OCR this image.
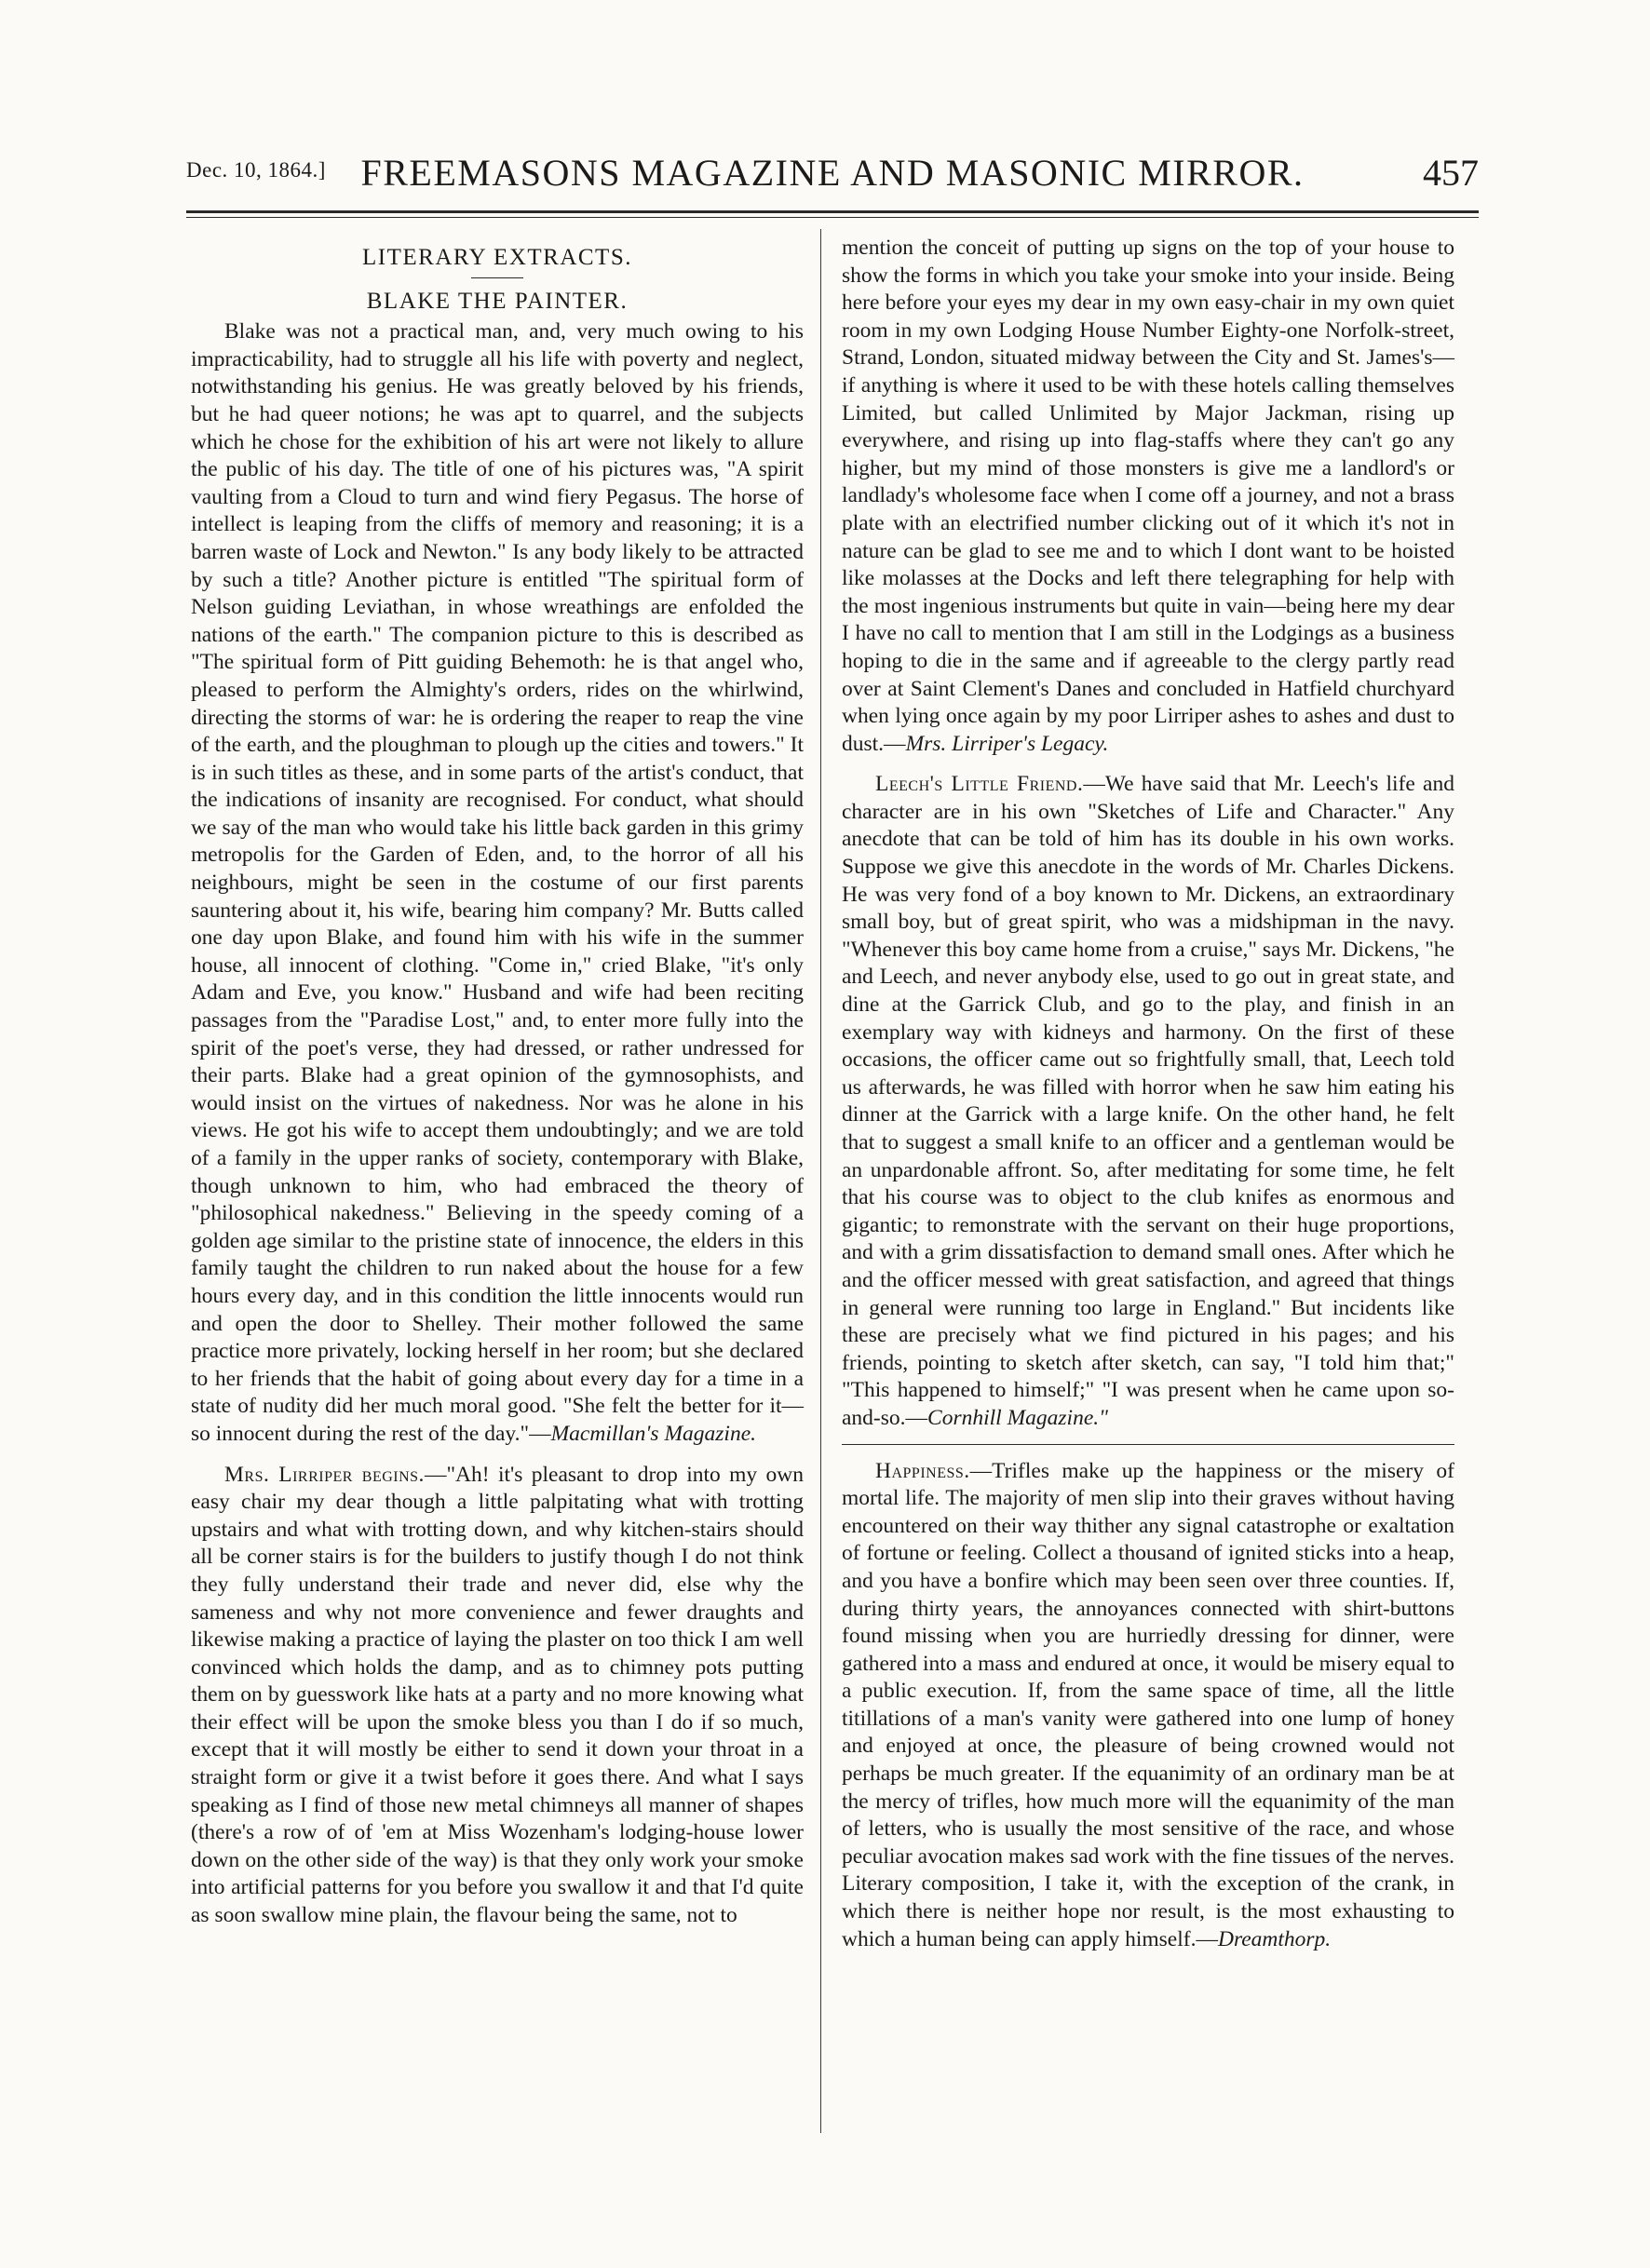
Dec. 10, 1864.] FREEMASONS MAGAZINE AND MASONIC MIRROR.	457
LITERARY EXTRACTS.
BLAKE THE PAINTER.

Blake was not a practical man, and, very much owing to his impracticability, had to struggle all his life with poverty and neglect, notwithstanding his genius. He was greatly beloved by his friends, but he had queer notions; he was apt to quarrel, and the subjects which he chose for the exhibition of his art were not likely to allure the public of his day. The title of one of his pictures was, "A spirit vaulting from a Cloud to turn and wind fiery Pegasus. The horse of intellect is leaping from the cliffs of memory and reasoning; it is a barren waste of Lock and Newton." Is any body likely to be attracted by such a title? Another picture is entitled "The spiritual form of Nelson guiding Leviathan, in whose wreathings are enfolded the nations of the earth." The companion picture to this is described as "The spiritual form of Pitt guiding Behemoth: he is that angel who, pleased to perform the Almighty's orders, rides on the whirlwind, directing the storms of war: he is ordering the reaper to reap the vine of the earth, and the ploughman to plough up the cities and towers." It is in such titles as these, and in some parts of the artist's conduct, that the indications of insanity are recognised. For conduct, what should we say of the man who would take his little back garden in this grimy metropolis for the Garden of Eden, and, to the horror of all his neighbours, might be seen in the costume of our first parents sauntering about it, his wife, bearing him company? Mr. Butts called one day upon Blake, and found him with his wife in the summer house, all innocent of clothing. "Come in," cried Blake, "it's only Adam and Eve, you know." Husband and wife had been reciting passages from the "Paradise Lost," and, to enter more fully into the spirit of the poet's verse, they had dressed, or rather undressed for their parts. Blake had a great opinion of the gymnosophists, and would insist on the virtues of nakedness. Nor was he alone in his views. He got his wife to accept them undoubtingly; and we are told of a family in the upper ranks of society, contemporary with Blake, though unknown to him, who had embraced the theory of "philosophical nakedness." Believing in the speedy coming of a golden age similar to the pristine state of innocence, the elders in this family taught the children to run naked about the house for a few hours every day, and in this condition the little innocents would run and open the door to Shelley. Their mother followed the same practice more privately, locking herself in her room; but she declared to her friends that the habit of going about every day for a time in a state of nudity did her much moral good. "She felt the better for it—so innocent during the rest of the day."—Macmillan's Magazine.

Mrs. Lirriper begins.—"Ah! it's pleasant to drop into my own easy chair my dear though a little palpitating what with trotting upstairs and what with trotting down, and why kitchen-stairs should all be corner stairs is for the builders to justify though I do not think they fully understand their trade and never did, else why the sameness and why not more convenience and fewer draughts and likewise making a practice of laying the plaster on too thick I am well convinced which holds the damp, and as to chimney pots putting them on by guesswork like hats at a party and no more knowing what their effect will be upon the smoke bless you than I do if so much, except that it will mostly be either to send it down your throat in a straight form or give it a twist before it goes there. And what I says speaking as I find of those new metal chimneys all manner of shapes (there's a row of of 'em at Miss Wozenham's lodging-house lower down on the other side of the way) is that they only work your smoke into artificial patterns for you before you swallow it and that I'd quite as soon swallow mine plain, the flavour being the same, not to

mention the conceit of putting up signs on the top of your house to show the forms in which you take your smoke into your inside. Being here before your eyes my dear in my own easy-chair in my own quiet room in my own Lodging House Number Eighty-one Norfolk-street, Strand, London, situated midway between the City and St. James's—if anything is where it used to be with these hotels calling themselves Limited, but called Unlimited by Major Jackman, rising up everywhere, and rising up into flag-staffs where they can't go any higher, but my mind of those monsters is give me a landlord's or landlady's wholesome face when I come off a journey, and not a brass plate with an electrified number clicking out of it which it's not in nature can be glad to see me and to which I dont want to be hoisted like molasses at the Docks and left there telegraphing for help with the most ingenious instruments but quite in vain—being here my dear I have no call to mention that I am still in the Lodgings as a business hoping to die in the same and if agreeable to the clergy partly read over at Saint Clement's Danes and concluded in Hatfield churchyard when lying once again by my poor Lirriper ashes to ashes and dust to dust.—Mrs. Lirriper's Legacy.

Leech's Little Friend.—We have said that Mr. Leech's life and character are in his own "Sketches of Life and Character." Any anecdote that can be told of him has its double in his own works. Suppose we give this anecdote in the words of Mr. Charles Dickens. He was very fond of a boy known to Mr. Dickens, an extraordinary small boy, but of great spirit, who was a midshipman in the navy. "Whenever this boy came home from a cruise," says Mr. Dickens, "he and Leech, and never anybody else, used to go out in great state, and dine at the Garrick Club, and go to the play, and finish in an exemplary way with kidneys and harmony. On the first of these occasions, the officer came out so frightfully small, that, Leech told us afterwards, he was filled with horror when he saw him eating his dinner at the Garrick with a large knife. On the other hand, he felt that to suggest a small knife to an officer and a gentleman would be an unpardonable affront. So, after meditating for some time, he felt that his course was to object to the club knifes as enormous and gigantic; to remonstrate with the servant on their huge proportions, and with a grim dissatisfaction to demand small ones. After which he and the officer messed with great satisfaction, and agreed that things in general were running too large in England." But incidents like these are precisely what we find pictured in his pages; and his friends, pointing to sketch after sketch, can say, "I told him that;" "This happened to himself;" "I was present when he came upon so-and-so.—Cornhill Magazine."

Happiness.—Trifles make up the happiness or the misery of mortal life. The majority of men slip into their graves without having encountered on their way thither any signal catastrophe or exaltation of fortune or feeling. Collect a thousand of ignited sticks into a heap, and you have a bonfire which may been seen over three counties. If, during thirty years, the annoyances connected with shirt-buttons found missing when you are hurriedly dressing for dinner, were gathered into a mass and endured at once, it would be misery equal to a public execution. If, from the same space of time, all the little titillations of a man's vanity were gathered into one lump of honey and enjoyed at once, the pleasure of being crowned would not perhaps be much greater. If the equanimity of an ordinary man be at the mercy of trifles, how much more will the equanimity of the man of letters, who is usually the most sensitive of the race, and whose peculiar avocation makes sad work with the fine tissues of the nerves. Literary composition, I take it, with the exception of the crank, in which there is neither hope nor result, is the most exhausting to which a human being can apply himself.—Dreamthorp.
